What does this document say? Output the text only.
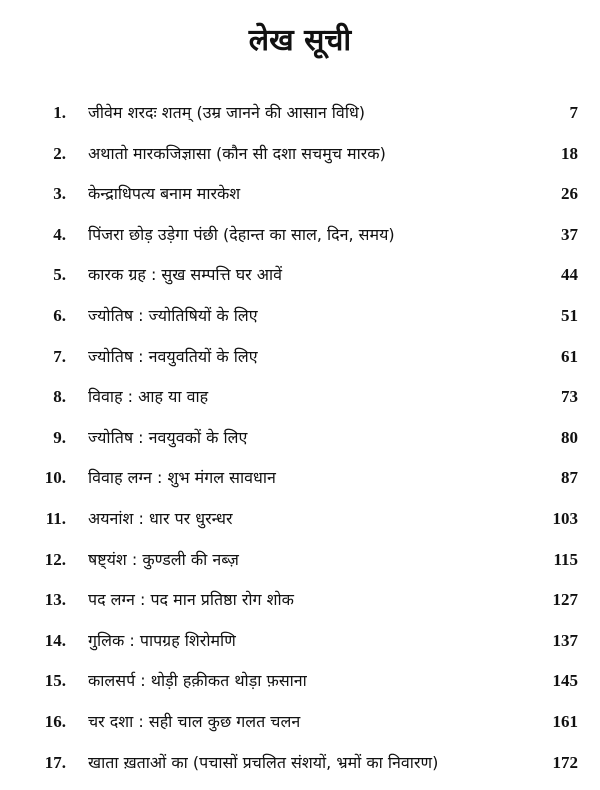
लेख सूची
1. जीवेम शरदः शतम् (उम्र जानने की आसान विधि)	7
2. अथातो मारकजिज्ञासा (कौन सी दशा सचमुच मारक)	18
3. केन्द्राधिपत्य बनाम मारकेश	26
4. पिंजरा छोड़ उड़ेगा पंछी (देहान्त का साल, दिन, समय)	37
5. कारक ग्रह : सुख सम्पत्ति घर आवें	44
6. ज्योतिष : ज्योतिषियों के लिए	51
7. ज्योतिष : नवयुवतियों के लिए	61
8. विवाह : आह या वाह	73
9. ज्योतिष : नवयुवकों के लिए	80
10. विवाह लग्न : शुभ मंगल सावधान	87
11. अयनांश : धार पर धुरन्धर	103
12. षष्ट्यंश : कुण्डली की नब्ज़	115
13. पद लग्न : पद मान प्रतिष्ठा रोग शोक	127
14. गुलिक : पापग्रह शिरोमणि	137
15. कालसर्प : थोड़ी हक़ीकत थोड़ा फ़साना	145
16. चर दशा : सही चाल कुछ गलत चलन	161
17. खाता ख़ताओं का (पचासों प्रचलित संशयों, भ्रमों का निवारण)	172
